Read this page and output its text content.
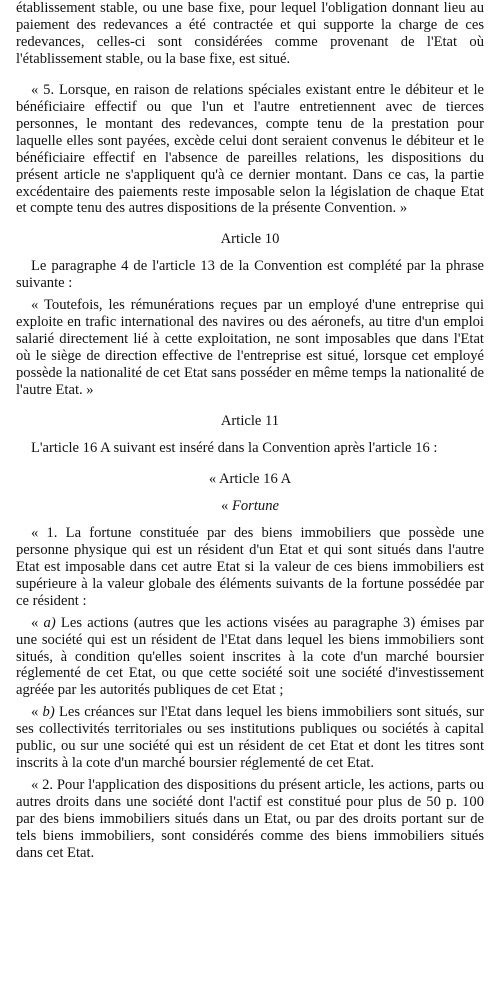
établissement stable, ou une base fixe, pour lequel l'obligation donnant lieu au paiement des redevances a été contractée et qui supporte la charge de ces redevances, celles-ci sont considérées comme provenant de l'Etat où l'établissement stable, ou la base fixe, est situé.

« 5. Lorsque, en raison de relations spéciales existant entre le débiteur et le bénéficiaire effectif ou que l'un et l'autre entretiennent avec de tierces personnes, le montant des redevances, compte tenu de la prestation pour laquelle elles sont payées, excède celui dont seraient convenus le débiteur et le bénéficiaire effectif en l'absence de pareilles relations, les dispositions du présent article ne s'appliquent qu'à ce dernier montant. Dans ce cas, la partie excédentaire des paiements reste imposable selon la législation de chaque Etat et compte tenu des autres dispositions de la présente Convention. »

Article 10

Le paragraphe 4 de l'article 13 de la Convention est complété par la phrase suivante :

« Toutefois, les rémunérations reçues par un employé d'une entreprise qui exploite en trafic international des navires ou des aéronefs, au titre d'un emploi salarié directement lié à cette exploitation, ne sont imposables que dans l'Etat où le siège de direction effective de l'entreprise est situé, lorsque cet employé possède la nationalité de cet Etat sans posséder en même temps la nationalité de l'autre Etat. »

Article 11

L'article 16 A suivant est inséré dans la Convention après l'article 16 :

« Article 16 A
« Fortune

« 1. La fortune constituée par des biens immobiliers que possède une personne physique qui est un résident d'un Etat et qui sont situés dans l'autre Etat est imposable dans cet autre Etat si la valeur de ces biens immobiliers est supérieure à la valeur globale des éléments suivants de la fortune possédée par ce résident :

« a) Les actions (autres que les actions visées au paragraphe 3) émises par une société qui est un résident de l'Etat dans lequel les biens immobiliers sont situés, à condition qu'elles soient inscrites à la cote d'un marché boursier réglementé de cet Etat, ou que cette société soit une société d'investissement agréée par les autorités publiques de cet Etat ;

« b) Les créances sur l'Etat dans lequel les biens immobiliers sont situés, sur ses collectivités territoriales ou ses institutions publiques ou sociétés à capital public, ou sur une société qui est un résident de cet Etat et dont les titres sont inscrits à la cote d'un marché boursier réglementé de cet Etat.

« 2. Pour l'application des dispositions du présent article, les actions, parts ou autres droits dans une société dont l'actif est constitué pour plus de 50 p. 100 par des biens immobiliers situés dans un Etat, ou par des droits portant sur de tels biens immobiliers, sont considérés comme des biens immobiliers situés dans cet Etat.
